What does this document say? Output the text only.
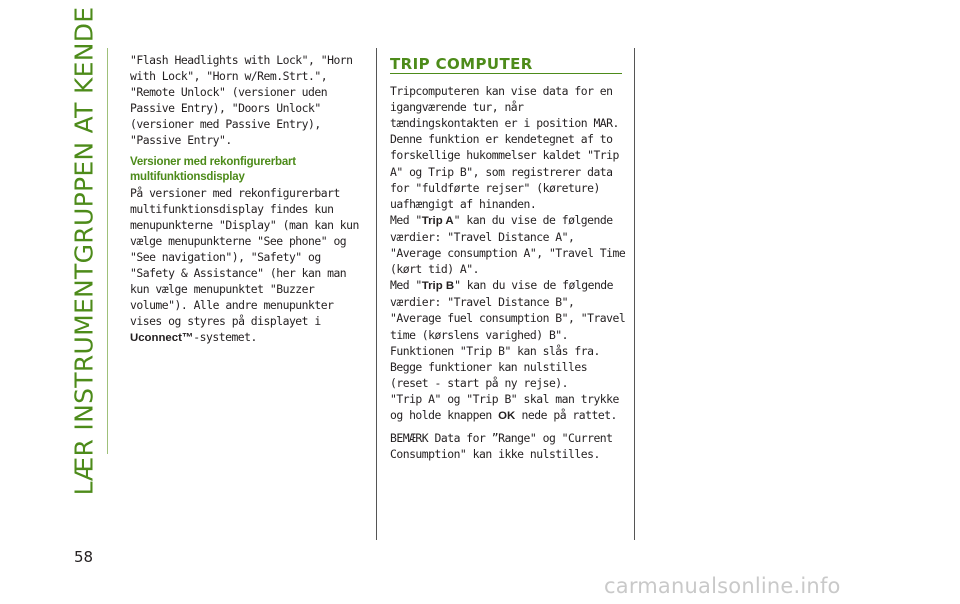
LÆR INSTRUMENTGRUPPEN AT KENDE
58

"Flash Headlights with Lock", "Horn with Lock", "Horn w/Rem.Strt.", "Remote Unlock" (versioner uden Passive Entry), "Doors Unlock" (versioner med Passive Entry), "Passive Entry".

Versioner med rekonfigurerbart multifunktionsdisplay

På versioner med rekonfigurerbart multifunktionsdisplay findes kun menupunkterne "Display" (man kan kun vælge menupunkterne "See phone" og "See navigation"), "Safety" og "Safety & Assistance" (her kan man kun vælge menupunktet "Buzzer volume"). Alle andre menupunkter vises og styres på displayet i Uconnect™-systemet.

TRIP COMPUTER

Tripcomputeren kan vise data for en igangværende tur, når tændingskontakten er i position MAR. Denne funktion er kendetegnet af to forskellige hukommelser kaldet "Trip A" og Trip B", som registrerer data for "fuldførte rejser" (køreture) uafhængigt af hinanden.

Med "Trip A" kan du vise de følgende værdier: "Travel Distance A", "Average consumption A", "Travel Time (kørt tid) A".

Med "Trip B" kan du vise de følgende værdier: "Travel Distance B", "Average fuel consumption B", "Travel time (kørslens varighed) B". Funktionen "Trip B" kan slås fra.

Begge funktioner kan nulstilles (reset - start på ny rejse).

"Trip A" og "Trip B" skal man trykke og holde knappen OK nede på rattet.

BEMÆRK Data for ”Range" og "Current Consumption" kan ikke nulstilles.

carmanualsonline.info
